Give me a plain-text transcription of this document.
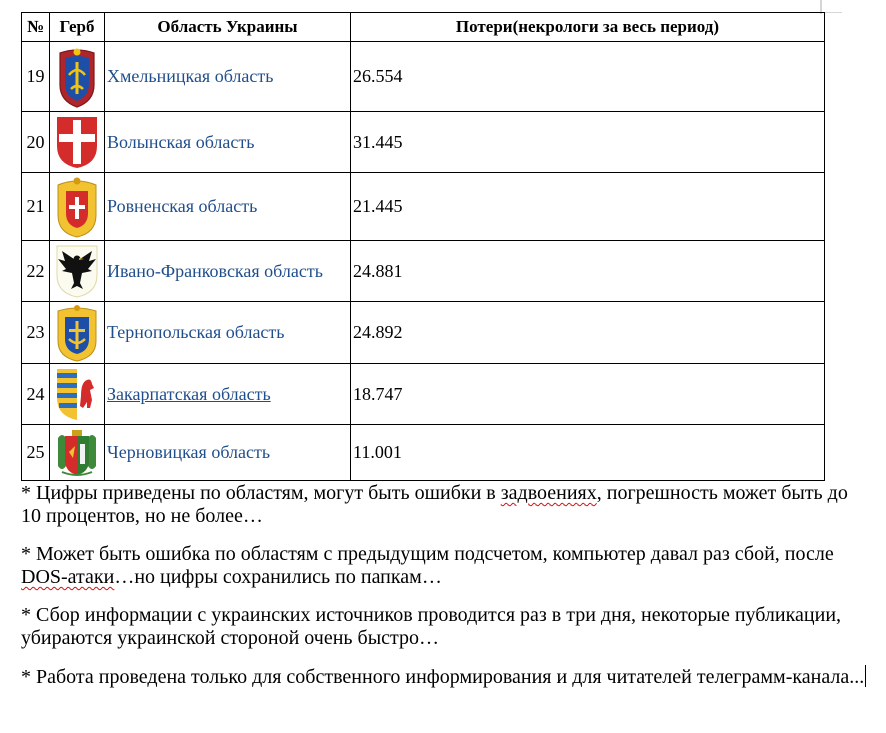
№	Герб	Область Украины	Потери(некрологи за весь период)
19		Хмельницкая область	26.554
20		Волынская область	31.445
21		Ровненская область	21.445
22		Ивано-Франковская область	24.881
23		Тернопольская область	24.892
24		Закарпатская область	18.747
25		Черновицкая область	11.001

* Цифры приведены по областям, могут быть ошибки в задвоениях, погрешность может быть до 10 процентов, но не более…

* Может быть ошибка по областям с предыдущим подсчетом, компьютер давал раз сбой, после DOS-атаки…но цифры сохранились по папкам…

* Сбор информации с украинских источников проводится раз в три дня, некоторые публикации, убираются украинской стороной очень быстро…

* Работа проведена только для собственного информирования и для читателей телеграмм-канала...
